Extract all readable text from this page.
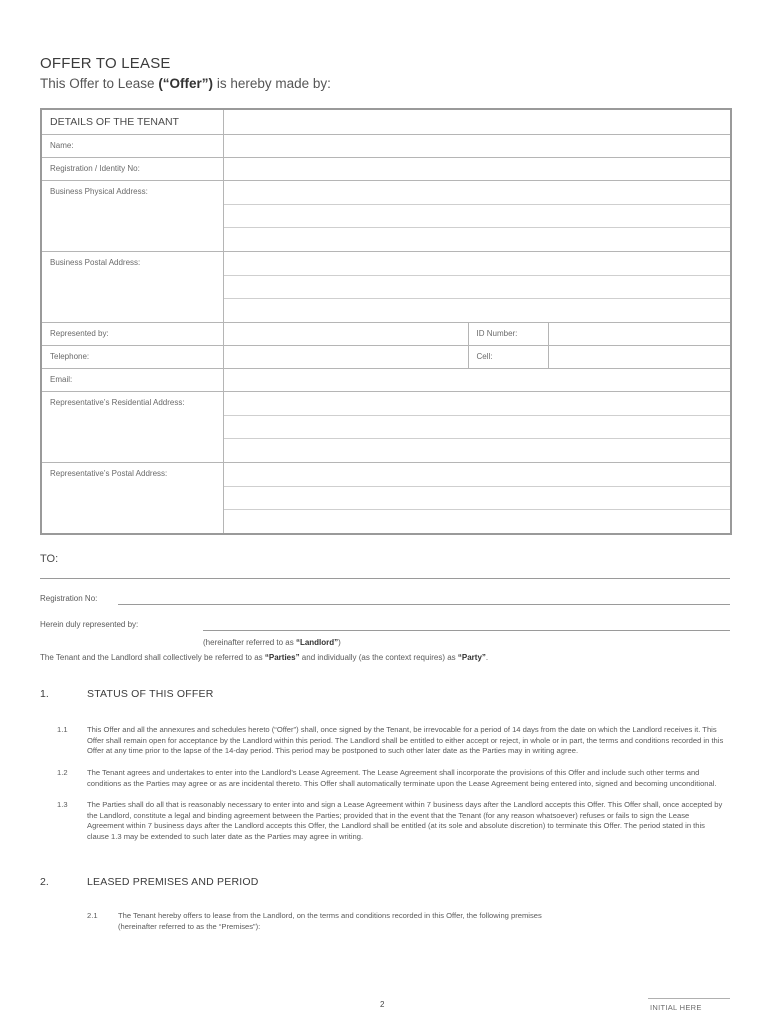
OFFER TO LEASE
This Offer to Lease (“Offer”) is hereby made by:
DETAILS OF THE TENANT			
Name:			
Registration / Identity No:			
Business Physical Address:			

Business Postal Address:			

Represented by:		ID Number:	
Telephone:		Cell:	
Email:			
Representative’s Residential Address:			

Representative’s Postal Address:			
TO:
Registration No:
Herein duly represented by:
(hereinafter referred to as “Landlord”)
The Tenant and the Landlord shall collectively be referred to as “Parties” and individually (as the context requires) as “Party”.
1.	STATUS OF THIS OFFER
1.1	This Offer and all the annexures and schedules hereto (“Offer”) shall, once signed by the Tenant, be irrevocable for a period of 14 days from the date on which the Landlord receives it. This Offer shall remain open for acceptance by the Landlord within this period. The Landlord shall be entitled to either accept or reject, in whole or in part, the terms and conditions recorded in this Offer at any time prior to the lapse of the 14-day period. This period may be postponed to such other later date as the Parties may in writing agree.
1.2	The Tenant agrees and undertakes to enter into the Landlord’s Lease Agreement. The Lease Agreement shall incorporate the provisions of this Offer and include such other terms and conditions as the Parties may agree or as are incidental thereto. This Offer shall automatically terminate upon the Lease Agreement being entered into, signed and becoming unconditional.
1.3	The Parties shall do all that is reasonably necessary to enter into and sign a Lease Agreement within 7 business days after the Landlord accepts this Offer. This Offer shall, once accepted by the Landlord, constitute a legal and binding agreement between the Parties; provided that in the event that the Tenant (for any reason whatsoever) refuses or fails to sign the Lease Agreement within 7 business days after the Landlord accepts this Offer, the Landlord shall be entitled (at its sole and absolute discretion) to terminate this Offer. The period stated in this clause 1.3 may be extended to such later date as the Parties may agree in writing.
2.	LEASED PREMISES AND PERIOD
2.1	The Tenant hereby offers to lease from the Landlord, on the terms and conditions recorded in this Offer, the following premises (hereinafter referred to as the “Premises”):
2	INITIAL HERE
